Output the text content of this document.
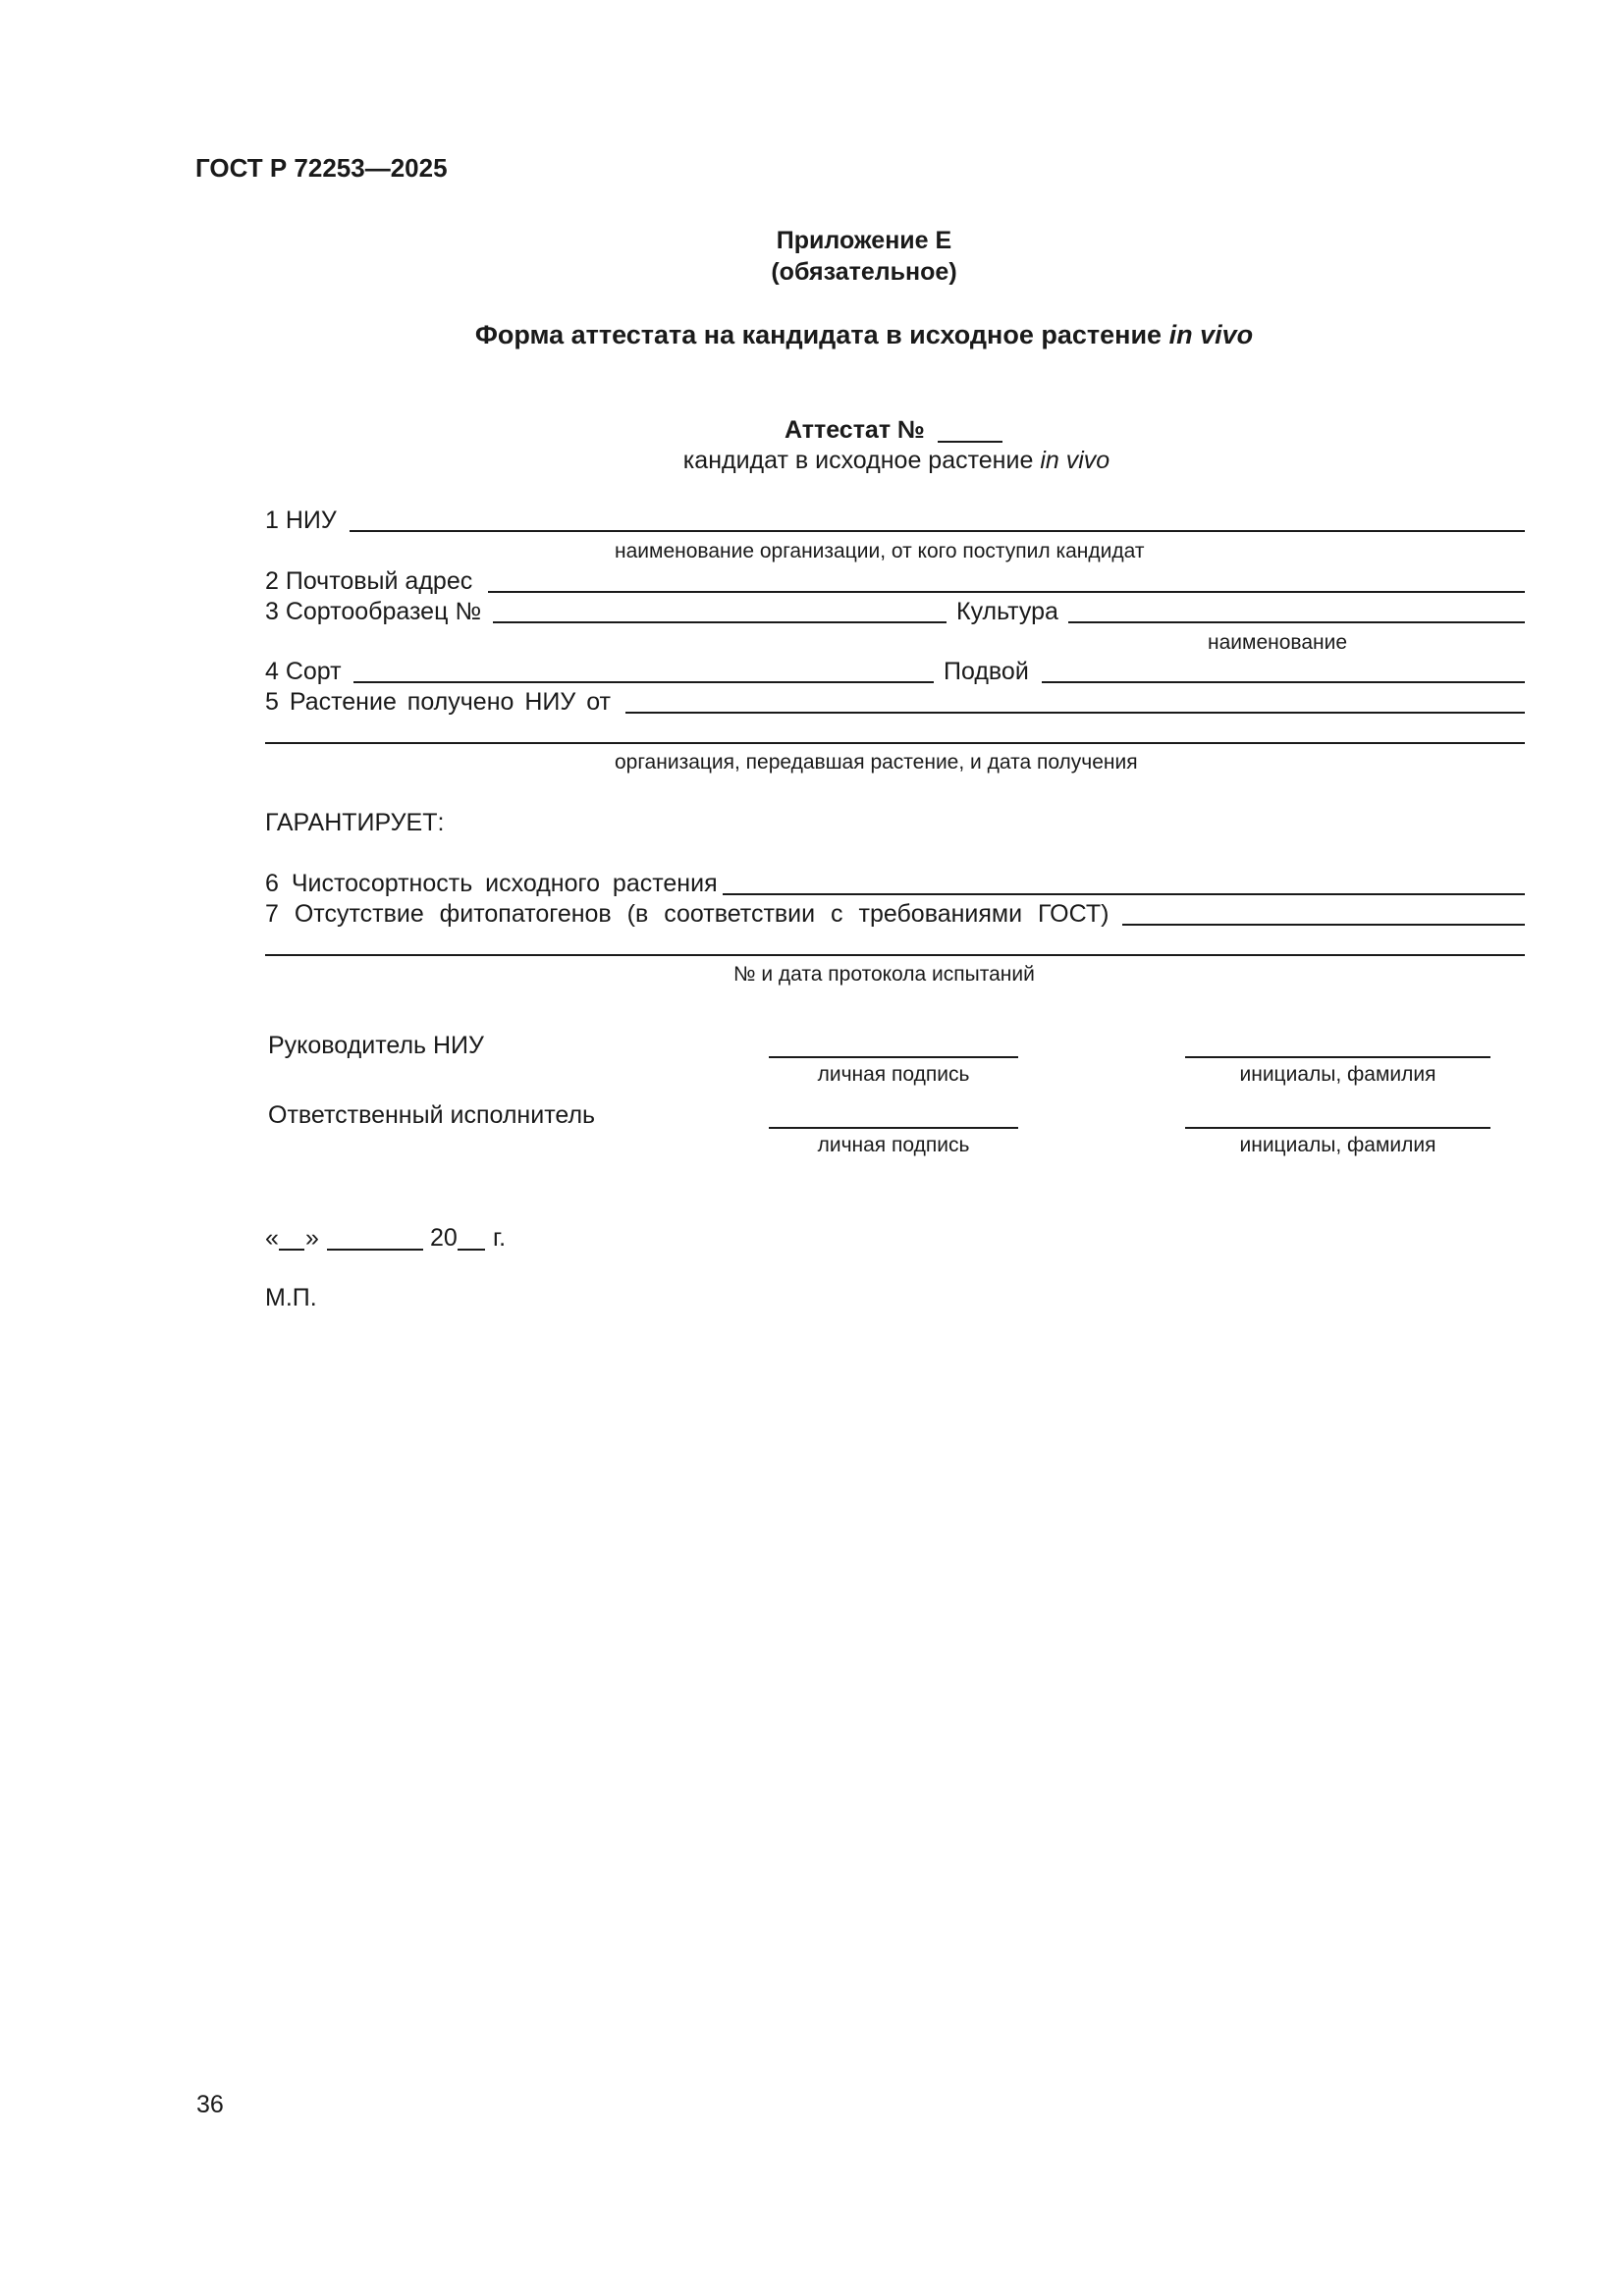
ГОСТ Р 72253—2025
Приложение Е
(обязательное)
Форма аттестата на кандидата в исходное растение in vivo
Аттестат №
кандидат в исходное растение in vivo
1 НИУ
наименование организации, от кого поступил кандидат
2 Почтовый адрес
3 Сортообразец №	Культура
наименование
4 Сорт	Подвой
5 Растение получено НИУ от
организация, передавшая растение, и дата получения
ГАРАНТИРУЕТ:
6 Чистосортность исходного растения
7 Отсутствие фитопатогенов (в соответствии с требованиями ГОСТ)
№ и дата протокола испытаний
Руководитель НИУ
личная подпись	инициалы, фамилия
Ответственный исполнитель
личная подпись	инициалы, фамилия
« »	20 г.
М.П.
36
